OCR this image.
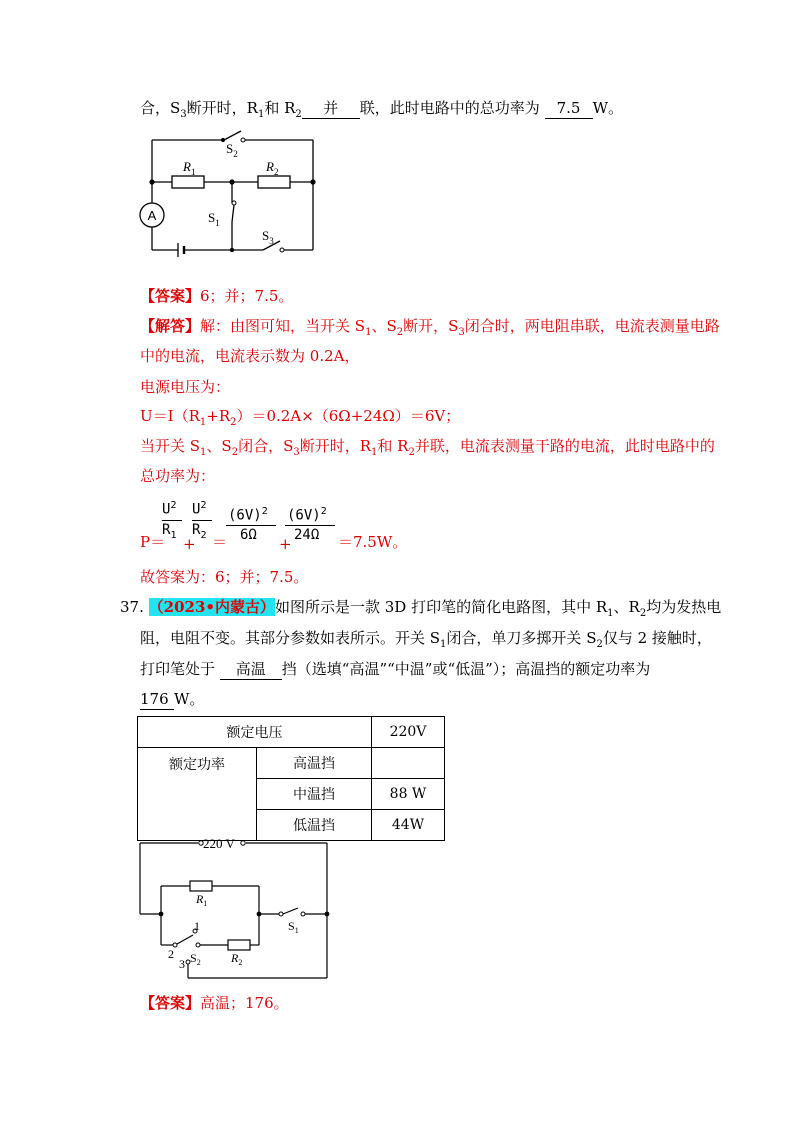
合，$S_3$断开时，$R_1$和 $R_2$ 并 联，此时电路中的总功率为 7.5 W。
A
$S_2$
$R_1$	$R_2$
$S_1$
$S_3$
【答案】6；并；7.5。
【解答】解：由图可知，当开关 $S_1$、$S_2$断开，$S_3$闭合时，两电阻串联，电流表测量电路
中的电流，电流表示数为 0.2A，
电源电压为：
$U=I(R_1+R_2)=0.2A\times(6\Omega+24\Omega)=6V$；
当开关 $S_1$、$S_2$闭合，$S_3$断开时，$R_1$和 $R_2$并联，电流表测量干路的电流，此时电路中的
总功率为：
P＝
$U^2$
$R_1$ +
$U^2$
$R_2$ ＝
$(6V)^2$
6Ω +
$(6V)^2$
24Ω ＝7.5W。
故答案为：6；并；7.5。
37. （2023•内蒙古）如图所示是一款 3D 打印笔的简化电路图，其中 $R_1$、$R_2$均为发热电
阻，电阻不变。其部分参数如表所示。开关 $S_1$闭合，单刀多掷开关 $S_2$仅与 2 接触时，
打印笔处于 高温 挡（选填“高温”“中温”或“低温”）；高温挡的额定功率为
176 W。
额定电压		220V
额定功率	高温挡	
	中温挡	88 W
	低温挡	44W
220 V
$R_1$
$R_2$
$S_1$
$S_2$
1
2
3
【答案】高温；176。
